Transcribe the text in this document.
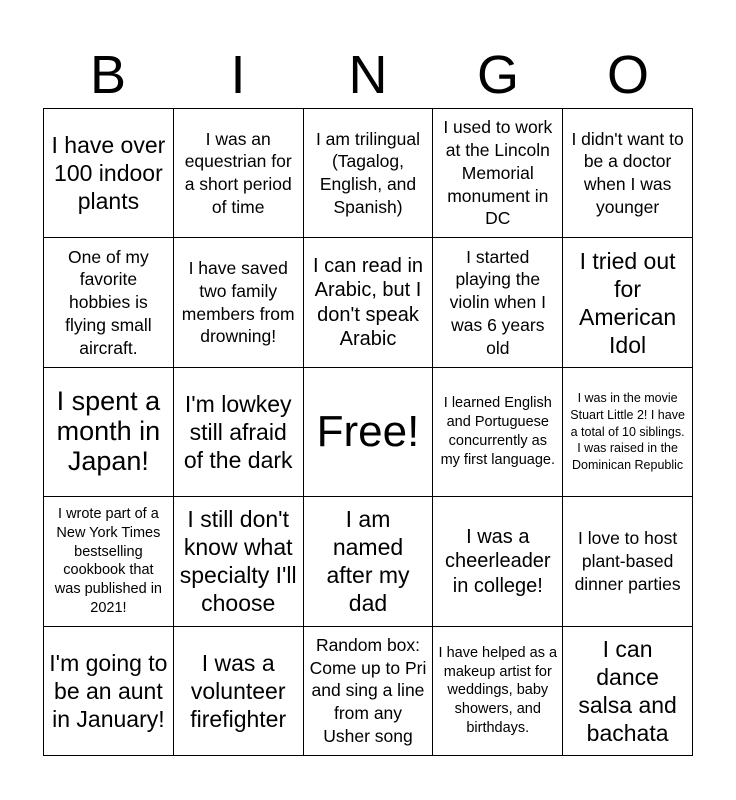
B	I	N	G	O
I have over 100 indoor plants
I was an equestrian for a short period of time
I am trilingual (Tagalog, English, and Spanish)
I used to work at the Lincoln Memorial monument in DC
I didn't want to be a doctor when I was younger
One of my favorite hobbies is flying small aircraft.
I have saved two family members from drowning!
I can read in Arabic, but I don't speak Arabic
I started playing the violin when I was 6 years old
I tried out for American Idol
I spent a month in Japan!
I'm lowkey still afraid of the dark
Free!
I learned English and Portuguese concurrently as my first language.
I was in the movie Stuart Little 2! I have a total of 10 siblings. I was raised in the Dominican Republic
I wrote part of a New York Times bestselling cookbook that was published in 2021!
I still don't know what specialty I'll choose
I am named after my dad
I was a cheerleader in college!
I love to host plant-based dinner parties
I'm going to be an aunt in January!
I was a volunteer firefighter
Random box: Come up to Pri and sing a line from any Usher song
I have helped as a makeup artist for weddings, baby showers, and birthdays.
I can dance salsa and bachata
